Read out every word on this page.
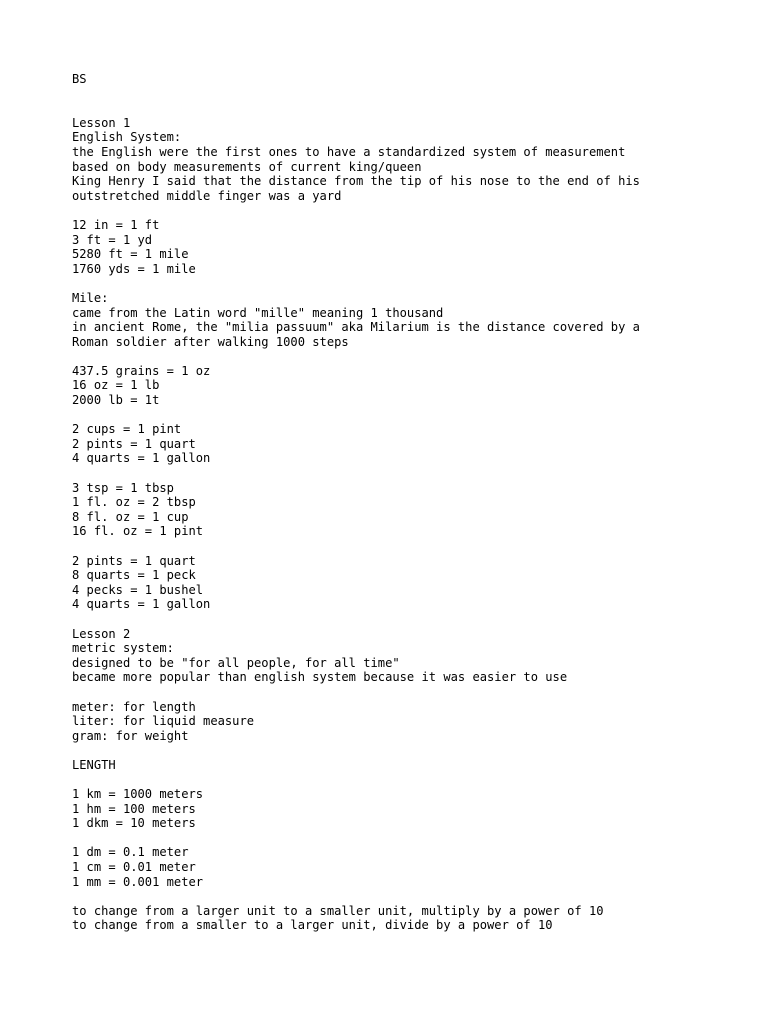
BS
Lesson 1
English System:
the English were the first ones to have a standardized system of measurement
based on body measurements of current king/queen
King Henry I said that the distance from the tip of his nose to the end of his
outstretched middle finger was a yard
12 in = 1 ft
3 ft = 1 yd
5280 ft = 1 mile
1760 yds = 1 mile
Mile:
came from the Latin word "mille" meaning 1 thousand
in ancient Rome, the "milia passuum" aka Milarium is the distance covered by a
Roman soldier after walking 1000 steps
437.5 grains = 1 oz
16 oz = 1 lb
2000 lb = 1t
2 cups = 1 pint
2 pints = 1 quart
4 quarts = 1 gallon
3 tsp = 1 tbsp
1 fl. oz = 2 tbsp
8 fl. oz = 1 cup
16 fl. oz = 1 pint
2 pints = 1 quart
8 quarts = 1 peck
4 pecks = 1 bushel
4 quarts = 1 gallon
Lesson 2
metric system:
designed to be "for all people, for all time"
became more popular than english system because it was easier to use
meter: for length
liter: for liquid measure
gram: for weight
LENGTH
1 km = 1000 meters
1 hm = 100 meters
1 dkm = 10 meters
1 dm = 0.1 meter
1 cm = 0.01 meter
1 mm = 0.001 meter
to change from a larger unit to a smaller unit, multiply by a power of 10
to change from a smaller to a larger unit, divide by a power of 10
